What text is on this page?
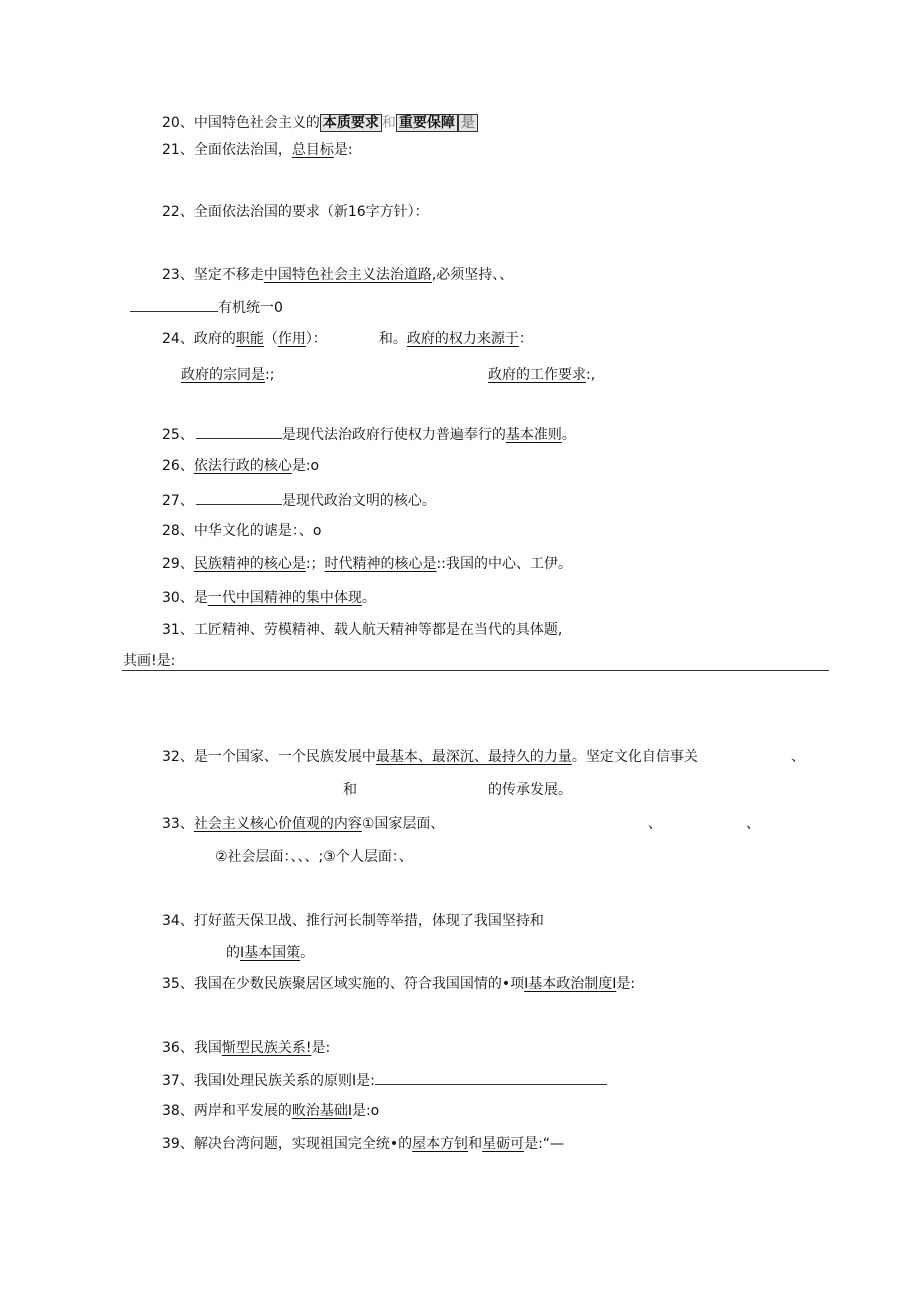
20、中国特色社会主义的 本质要求 和 重要保障 是
21、全面依法治国，总目标是:
22、全面依法治国的要求（新16字方针）：
23、坚定不移走中国特色社会主义法治道路,必须坚持、、
有机统一0
24、政府的职能（作用）：	和。政府的权力来源于：
政府的宗同是:;	政府的工作要求:,
25、	是现代法治政府行使权力普遍奉行的基本准则。
26、依法行政的核心是:o
27、	是现代政治文明的核心。
28、中华文化的谑是：、o
29、民族精神的核心是:；时代精神的核心是::我国的中心、工伊。
30、是一代中国精神的集中体现。
31、工匠精神、劳模精神、载人航天精神等都是在当代的具体题,
其画!是:
32、是一个国家、一个民族发展中最基本、最深沉、最持久的力量。坚定文化自信事关	、
和	的传承发展。
33、社会主义核心价值观的内容①国家层面、	、	、
②社会层面：、、、;③个人层面：、
34、打好蓝天保卫战、推行河长制等举措，体现了我国坚持和
的I基本国策。
35、我国在少数民族聚居区域实施的、符合我国国情的•项I基本政治制度I是:
36、我国惭型民族关系!是:
37、我国I处理民族关系的原则I是:
38、两岸和平发展的畋治基础I是:o
39、解决台湾问题，实现祖国完全统•的屋本方钊和星砺可是:“—
